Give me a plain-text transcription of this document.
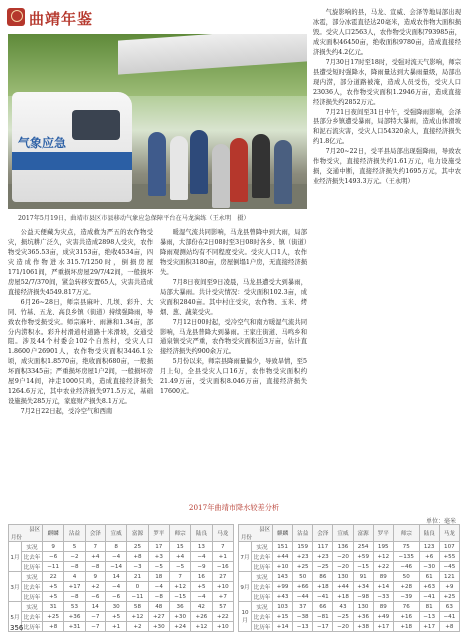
曲靖年鉴
气象应急
2017年5月19日，曲靖市县区市县移动气象应急保障平台在马龙演练（王永明　摄）

气旋影响的县，马龙、宣威、会泽等地局部出现冰雹，部分冰雹直径达20毫米，造成农作物大面积损毁。受灾人口2563人，农作物受灾面积793985亩，成灾面积46450亩，绝收面积9780亩，造成直接经济损失约4.2亿元。

7月30日17时至18时，受强对流天气影响，师宗县遭受短时强降水，降雨量达到大暴雨量级，局部出现内涝，部分道路被淹，造成人员受伤，受灾人口23036人，农作物受灾面积1.2946万亩，造成直接经济损失约2852万元。

7月21日夜间至31日中午，受强降雨影响，会泽县部分乡镇遭受暴雨，局部特大暴雨，造成山体滑坡和泥石流灾害，受灾人口54320余人，直接经济损失约1.8亿元。

7月20~22日，受平县局部出现强降雨，导致农作物受灾，直接经济损失约1.61万元，电力设施受损，交通中断，直接经济损失约1695万元，其中农业经济损失1493.3万元。（王永明）

公益天便藏为灾点，造成救为严五的农作物受灾，损坑耕广泛久，灾害共造成2898人受灾，农作物受灾365.53亩，成灾3153亩，绝收4534亩，四灾造成作物进水315.7/1250时，倒损房屋171/1061间，严重损坏房屋29/7/42间，一般损坏房屋52/7/370间，紧急转移安置65人，灾害共造成直接经济损失4549.817万元。

6月26~28日，师宗县麻叶、几坝、彩升、大同、竹基、五龙、高良乡镇（街道）持续强降雨，导致农作物受损受灾。师宗麻叶、雨淋和1.34亩，部分内涝积水。彩升村滑道村道路十米滑坡，交通受阻。涉及44个村委会102个自然村，受灾人口1.8600户26901人，农作物受灾面积3446.1公顷，成灾面积1.8570亩，绝收面积680亩，一般损坏面积3345亩；严重损坏房屋1户2间，一般损坏房屋9户14间，冲走1000只鸡，造成直接经济损失1264.6万元，其中农业经济损失971.5万元，基础设施损失285万元，家庭财产损失8.1万元。

7月2日22日起，受冷空气和西南

暖湿气流共同影响，马龙县曾降中到大雨，局部暴雨，大部份在2日08时至3日08时各乡、镇（街道）降雨观测站均有不同程度受灾。受灾人口1人，农作物受灾面积3180亩，房屋倒塌1户房，无直接经济损失。

7月8日夜间至9日凌晨，马龙县遭受大到暴雨，局部大暴雨。共计受灾情况：受灾面积102.3亩，成灾面积2840亩。其中村庄受灾，农作物、玉米、烤烟、葱、蔬菜受灾。

7月12日00时起，受冷空气和南方暖湿气流共同影响，马龙县普降大到暴雨。王家庄街道、马鸣乡和通泉镇受灾严重，农作物受灾面积近3万亩，估计直接经济损失约900余万元。

5月份以来，师宗县降雨量偏少，导致旱情，至5月上旬，全县受灾人口16万，农作物受灾面积约21.49万亩，受灾面积8.046万亩，直接经济损失17600元。

2017年曲靖市降水较差分析
单位：毫米
县区
月份		麒麟	沾益	会泽	宣威	富源	罗平	师宗	陆良	马龙
1月	实况	9	5	7	8	25	17	15	13	7
	比去年	−6	−2	+4	−4	+8	+3	+4	−4	+1
	比历年	−11	−8	−8	−14	−3	−5	−5	−9	−16
3月	实况	22	4	9	14	21	18	7	16	27
	比去年	+5	+17	+2	−4	0	−4	+12	+5	+10
	比历年	+5	−8	−6	−6	−11	−8	−15	−4	+7
5月	实况	31	53	14	30	58	48	36	42	57
	比去年	+25	+36	−7	+5	+12	+27	+30	+26	+22
	比历年	+8	+31	−7	+1	+2	+30	+24	+12	+10
县区
月份		麒麟	沾益	会泽	宣威	富源	罗平	师宗	陆良	马龙
7月	实况	151	159	117	136	254	195	75	123	107
	比去年	+44	+23	+23	−20	+59	+12	−135	+6	+55
	比历年	+10	+25	−25	−20	−15	+22	−46	−30	−45
9月	实况	143	50	86	130	91	89	50	61	121
	比去年	+99	+66	+18	+44	+34	+14	+28	+63	+9
	比历年	+43	−44	−41	+18	−98	−33	−39	−41	+25
10月	实况	103	37	66	43	130	89	76	81	63
	比去年	+15	−38	−81	−25	+36	+49	+16	−13	−41
	比历年	+14	−13	−17	−20	+38	+17	+18	+17	+8
356
